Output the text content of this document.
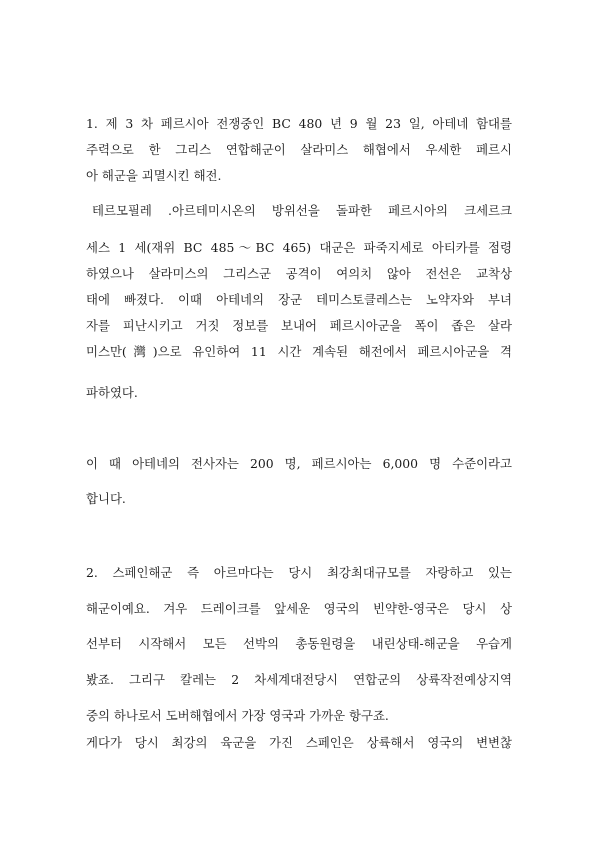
1. 제 3 차 페르시아 전쟁중인 BC 480 년 9 월 23 일, 아테네 함대를
주력으로 한 그리스 연합해군이 살라미스 해협에서 우세한 페르시
아 해군을 괴멸시킨 해전.
테르모필레 .아르테미시온의 방위선을 돌파한 페르시아의 크세르크
세스 1 세(재위 BC 485～BC 465) 대군은 파죽지세로 아티카를 점령
하였으나 살라미스의 그리스군 공격이 여의치 않아 전선은 교착상
태에 빠졌다. 이때 아테네의 장군 테미스토클레스는 노약자와 부녀
자를 피난시키고 거짓 정보를 보내어 페르시아군을 폭이 좁은 살라
미스만(灣)으로 유인하여 11 시간 계속된 해전에서 페르시아군을 격
파하였다.
이 때 아테네의 전사자는 200 명, 페르시아는 6,000 명 수준이라고
합니다.
2. 스페인해군 즉 아르마다는 당시 최강최대규모를 자랑하고 있는
해군이예요. 겨우 드레이크를 앞세운 영국의 빈약한-영국은 당시 상
선부터 시작해서 모든 선박의 총동원령을 내린상태-해군을 우습게
봤죠. 그리구 칼레는 2 차세계대전당시 연합군의 상륙작전예상지역
중의 하나로서 도버해협에서 가장 영국과 가까운 항구죠.
게다가 당시 최강의 육군을 가진 스페인은 상륙해서 영국의 변변찮
